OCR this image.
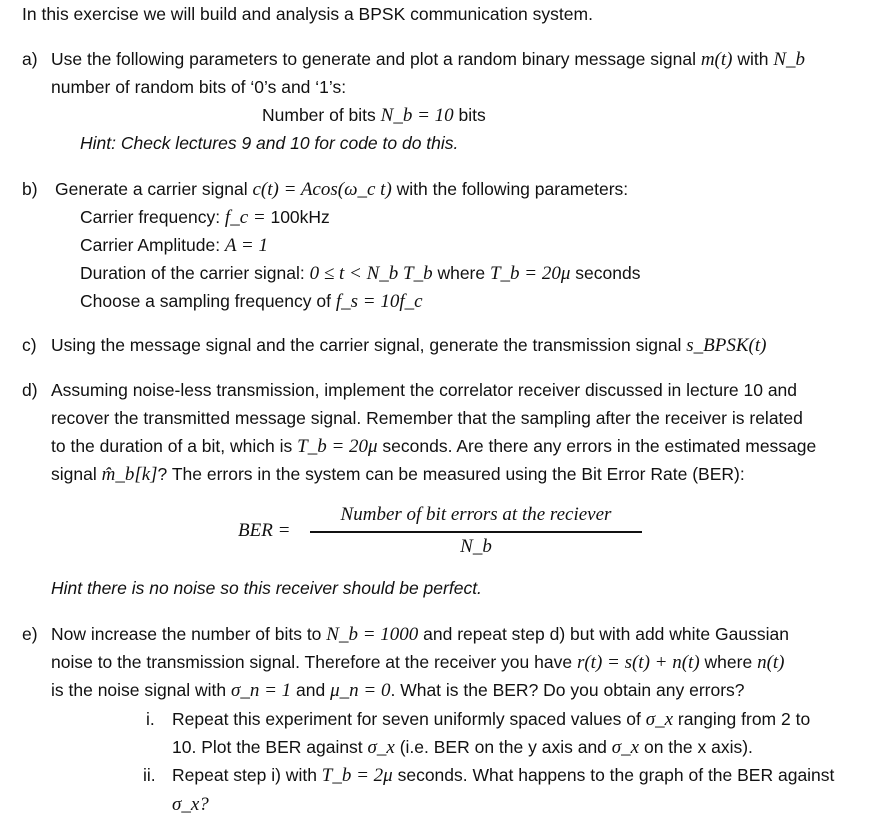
In this exercise we will build and analysis a BPSK communication system.
a) Use the following parameters to generate and plot a random binary message signal m(t) with N_b
number of random bits of ‘0’s and ‘1’s:
Number of bits N_b = 10 bits
Hint: Check lectures 9 and 10 for code to do this.
b) Generate a carrier signal c(t) = Acos(ω_c t) with the following parameters:
Carrier frequency: f_c = 100kHz
Carrier Amplitude: A = 1
Duration of the carrier signal: 0 ≤ t < N_b T_b where T_b = 20μ seconds
Choose a sampling frequency of f_s = 10f_c
c) Using the message signal and the carrier signal, generate the transmission signal s_BPSK(t)
d) Assuming noise-less transmission, implement the correlator receiver discussed in lecture 10 and
recover the transmitted message signal. Remember that the sampling after the receiver is related
to the duration of a bit, which is T_b = 20μ seconds. Are there any errors in the estimated message
signal m̂_b[k]? The errors in the system can be measured using the Bit Error Rate (BER):
BER =
Number of bit errors at the reciever
N_b
Hint there is no noise so this receiver should be perfect.
e) Now increase the number of bits to N_b = 1000 and repeat step d) but with add white Gaussian
noise to the transmission signal. Therefore at the receiver you have r(t) = s(t) + n(t) where n(t)
is the noise signal with σ_n = 1 and μ_n = 0. What is the BER? Do you obtain any errors?
i. Repeat this experiment for seven uniformly spaced values of σ_x ranging from 2 to
10. Plot the BER against σ_x (i.e. BER on the y axis and σ_x on the x axis).
ii. Repeat step i) with T_b = 2μ seconds. What happens to the graph of the BER against
σ_x?
